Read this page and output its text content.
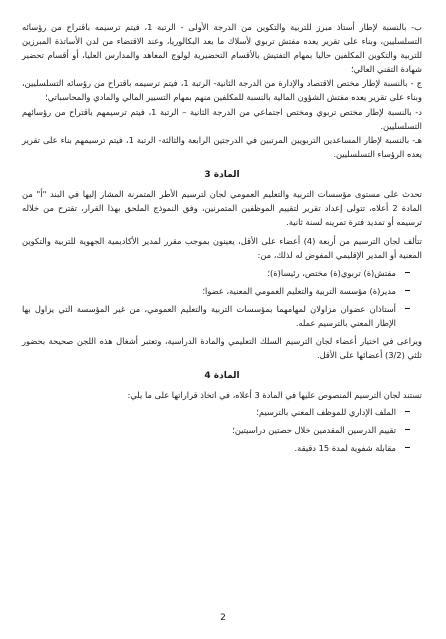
ب- بالنسبة لإطار أستاذ مبرز للتربية والتكوين من الدرجة الأولى - الرتبة 1، فيتم ترسيمه باقتراح من رؤسائه التسلسليين، وبناء على تقرير يعده مفتش تربوي لأسلاك ما بعد البكالوريا، وعند الاقتضاء من لدن الأساتذة المبرزين للتربية والتكوين المكلفين حاليا بمهام التفتيش بالأقسام التحضيرية لولوج المعاهد والمدارس العليا، أو أقسام تحضير شهادة التقني العالي؛

ج - بالنسبة لإطار مختص الاقتصاد والإدارة من الدرجة الثانية- الرتبة 1، فيتم ترسيمه باقتراح من رؤسائه التسلسليين، وبناء على تقرير يعده مفتش الشؤون المالية بالنسبة للمكلفين منهم بمهام التسيير المالي والمادي والمحاسباتي؛

د- بالنسبة لإطار مختص تربوي ومختص اجتماعي من الدرجة الثانية – الرتبة 1، فيتم ترسيمهم باقتراح من رؤسائهم التسلسليين.

هـ- بالنسبة لإطار المساعدين التربويين المرتبين في الدرجتين الرابعة والثالثة- الرتبة 1، فيتم ترسيمهم بناء على تقرير يعده الرؤساء التسلسليين.

المادة 3

تحدث على مستوى مؤسسات التربية والتعليم العمومي لجان لترسيم الأطر المتمرنة المشار إليها في البند "أ" من المادة 2 أعلاه، تتولى إعداد تقرير لتقييم الموظفين المتمرنين، وفق النموذج الملحق بهذا القرار، تقترح من خلاله ترسيمه أو تمديد فترة تمرينه لسنة ثانية.

تتألف لجان الترسيم من أربعة (4) أعضاء على الأقل، يعينون بموجب مقرر لمدير الأكاديمية الجهوية للتربية والتكوين المعنية أو المدير الإقليمي المفوض له لذلك، من:

مفتش(ة) تربوي(ة) مختص، رئيسا(ة)؛
مدير(ة) مؤسسة التربية والتعليم العمومي المعنية، عضوا؛
أستاذان عضوان مزاولان لمهامهما بمؤسسات التربية والتعليم العمومي، من غير المؤسسة التي يزاول بها الإطار المعني بالترسيم عمله.

ويراعى في اختيار أعضاء لجان الترسيم السلك التعليمي والمادة الدراسية، وتعتبر أشغال هذه اللجن صحيحة بحضور ثلثي (3/2) أعضائها على الأقل.

المادة 4

تستند لجان الترسيم المنصوص عليها في المادة 3 أعلاه، في اتخاذ قراراتها على ما يلي:

الملف الإداري للموظف المعني بالترسيم؛
تقييم الدرسين المقدمين خلال حصتين دراسيتين؛
مقابلة شفوية لمدة 15 دقيقة.
2
